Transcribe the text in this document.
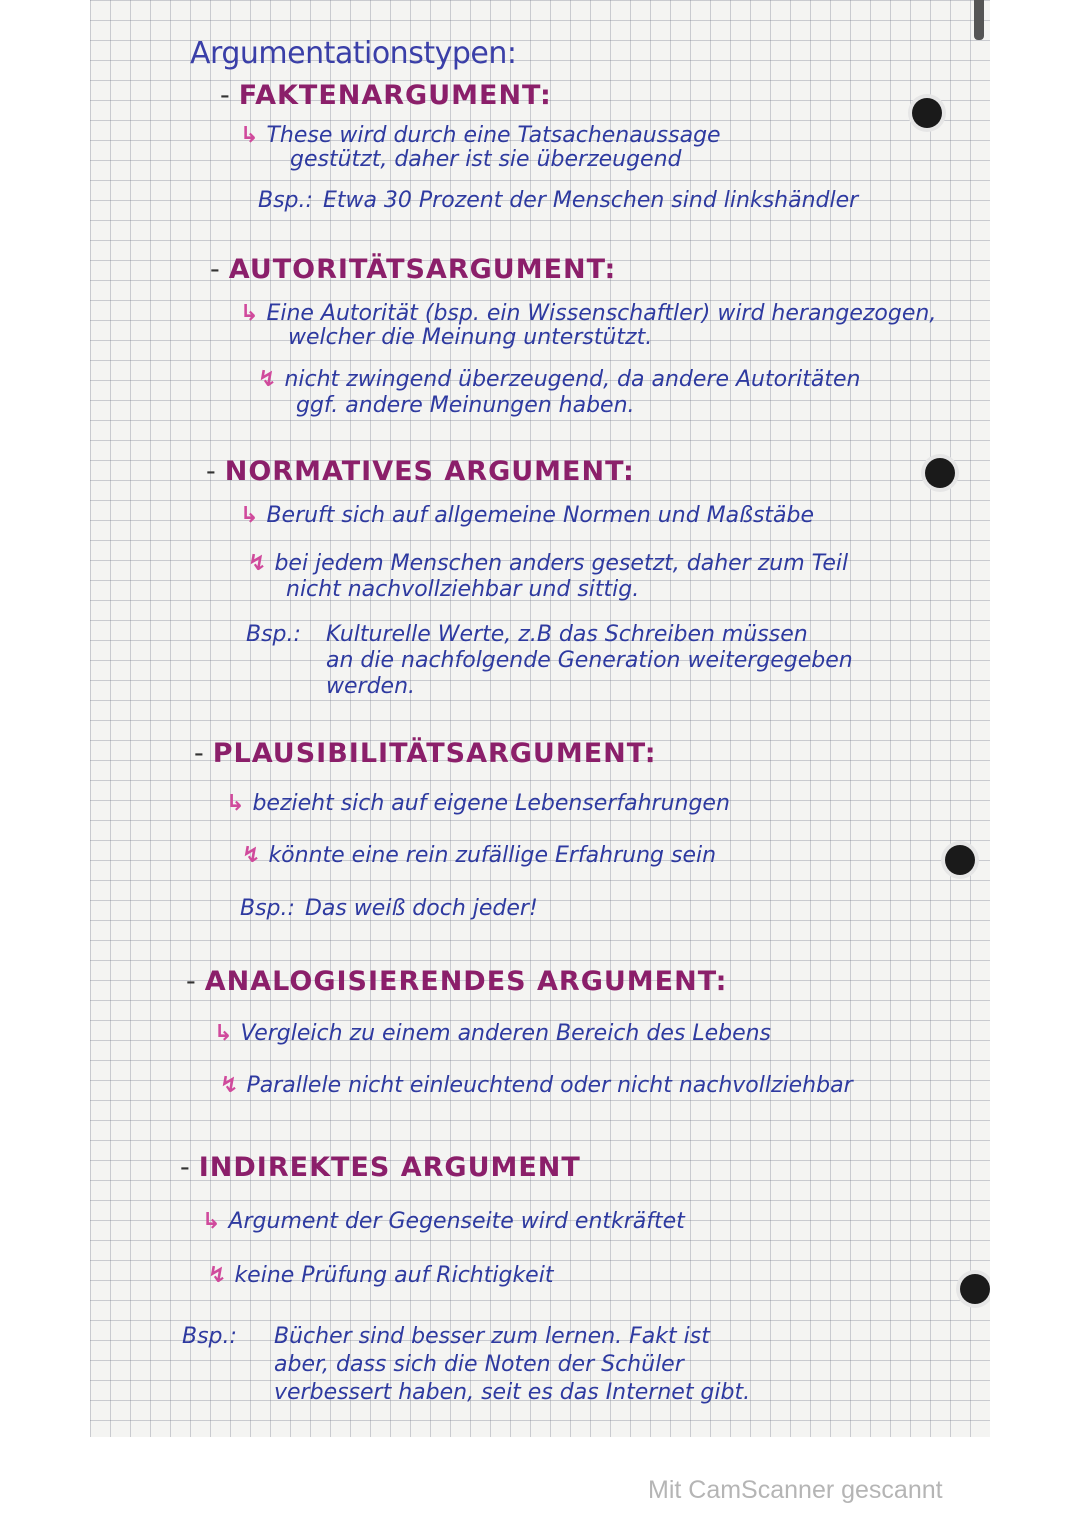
Argumentationstypen:
- FAKTENARGUMENT:
↳ These wird durch eine Tatsachenaussage
gestützt, daher ist sie überzeugend
Bsp.: Etwa 30 Prozent der Menschen sind linkshändler
- AUTORITÄTSARGUMENT:
↳ Eine Autorität (bsp. ein Wissenschaftler) wird herangezogen,
welcher die Meinung unterstützt.
↯ nicht zwingend überzeugend, da andere Autoritäten
ggf. andere Meinungen haben.
- NORMATIVES ARGUMENT:
↳ Beruft sich auf allgemeine Normen und Maßstäbe
↯ bei jedem Menschen anders gesetzt, daher zum Teil
nicht nachvollziehbar und sittig.
Bsp.: Kulturelle Werte, z.B das Schreiben müssen
an die nachfolgende Generation weitergegeben
werden.
- PLAUSIBILITÄTSARGUMENT:
↳ bezieht sich auf eigene Lebenserfahrungen
↯ könnte eine rein zufällige Erfahrung sein
Bsp.: Das weiß doch jeder!
- ANALOGISIERENDES ARGUMENT:
↳ Vergleich zu einem anderen Bereich des Lebens
↯ Parallele nicht einleuchtend oder nicht nachvollziehbar
- INDIREKTES ARGUMENT
↳ Argument der Gegenseite wird entkräftet
↯ keine Prüfung auf Richtigkeit
Bsp.: Bücher sind besser zum lernen. Fakt ist
aber, dass sich die Noten der Schüler
verbessert haben, seit es das Internet gibt.
Mit CamScanner gescannt
